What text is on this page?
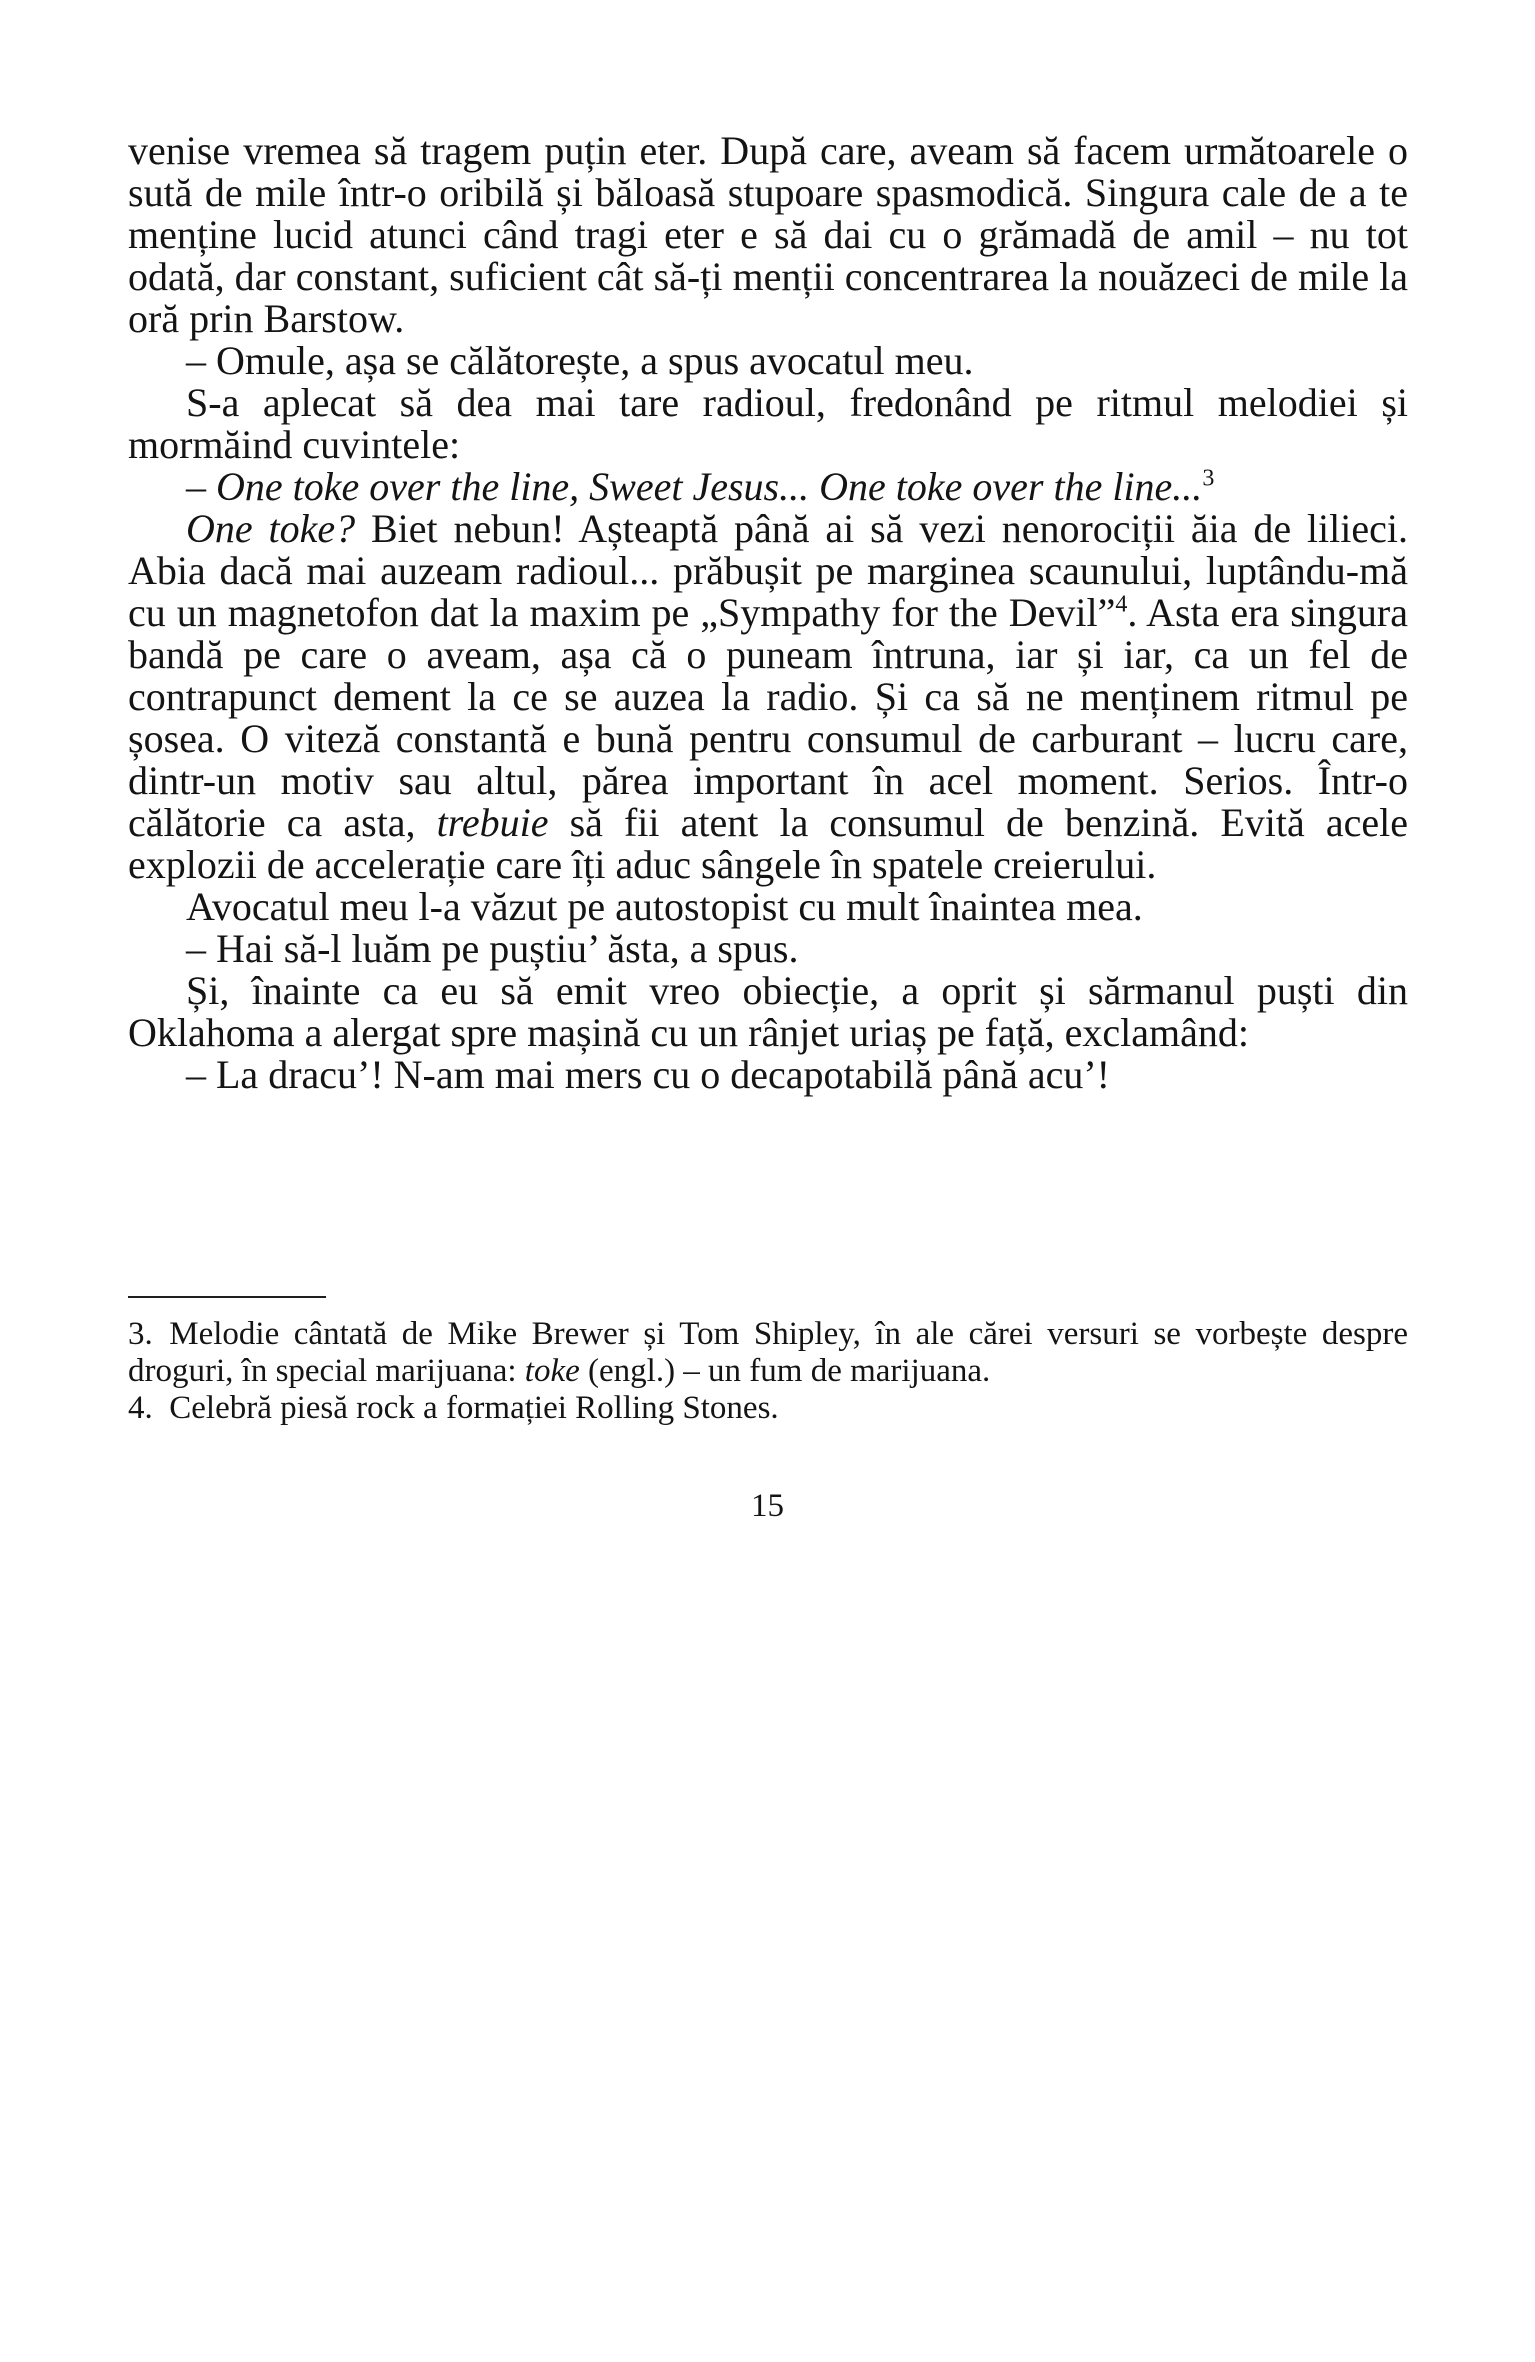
venise vremea să tragem puțin eter. După care, aveam să facem următoarele o sută de mile într-o oribilă și băloasă stupoare spasmodică. Singura cale de a te menține lucid atunci când tragi eter e să dai cu o grămadă de amil – nu tot odată, dar constant, suficient cât să-ți menții concentrarea la nouăzeci de mile la oră prin Barstow.

– Omule, așa se călătorește, a spus avocatul meu.

S-a aplecat să dea mai tare radioul, fredonând pe ritmul melodiei și mormăind cuvintele:

– One toke over the line, Sweet Jesus... One toke over the line...$^3$

One toke? Biet nebun! Așteaptă până ai să vezi nenorociții ăia de lilieci. Abia dacă mai auzeam radioul... prăbușit pe marginea scaunului, luptându-mă cu un magnetofon dat la maxim pe „Sympathy for the Devil”$^4$. Asta era singura bandă pe care o aveam, așa că o puneam întruna, iar și iar, ca un fel de contrapunct dement la ce se auzea la radio. Și ca să ne menținem ritmul pe șosea. O viteză constantă e bună pentru consumul de carburant – lucru care, dintr-un motiv sau altul, părea important în acel moment. Serios. Într-o călătorie ca asta, trebuie să fii atent la consumul de benzină. Evită acele explozii de accelerație care îți aduc sângele în spatele creierului.

Avocatul meu l-a văzut pe autostopist cu mult înaintea mea.

– Hai să-l luăm pe puștiu’ ăsta, a spus.

Și, înainte ca eu să emit vreo obiecție, a oprit și sărmanul puști din Oklahoma a alergat spre mașină cu un rânjet uriaș pe față, exclamând:

– La dracu’! N-am mai mers cu o decapotabilă până acu’!

3. Melodie cântată de Mike Brewer și Tom Shipley, în ale cărei versuri se vorbește despre droguri, în special marijuana: toke (engl.) – un fum de marijuana.

4. Celebră piesă rock a formației Rolling Stones.

15
